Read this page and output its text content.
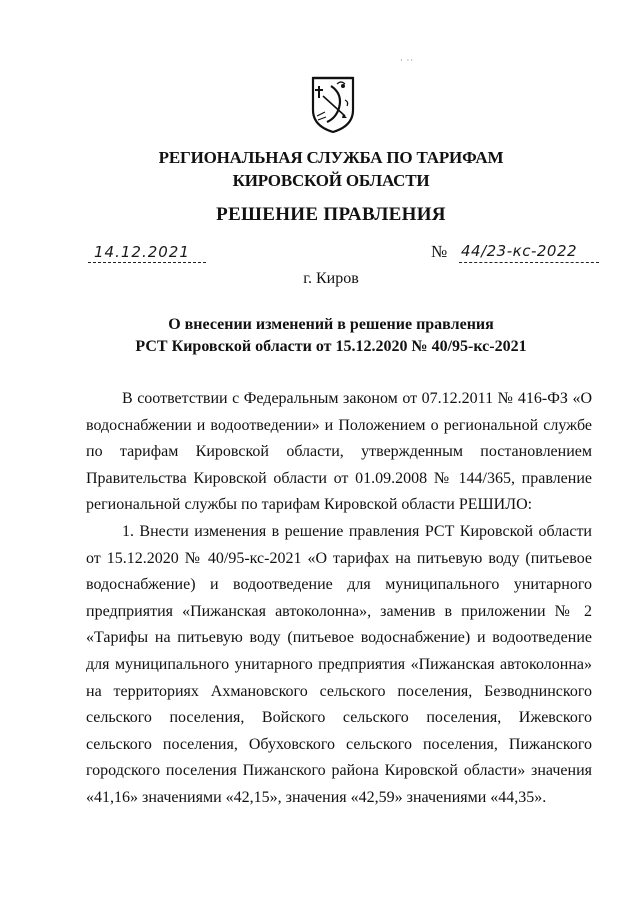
· ··
РЕГИОНАЛЬНАЯ СЛУЖБА ПО ТАРИФАМ
КИРОВСКОЙ ОБЛАСТИ
РЕШЕНИЕ ПРАВЛЕНИЯ
14.12.2021	№ 44/23-кс-2022
г. Киров
О внесении изменений в решение правления
РСТ Кировской области от 15.12.2020 № 40/95-кс-2021

В соответствии с Федеральным законом от 07.12.2011 № 416-ФЗ «О водоснабжении и водоотведении» и Положением о региональной службе по тарифам Кировской области, утвержденным постановлением Правительства Кировской области от 01.09.2008 № 144/365, правление региональной службы по тарифам Кировской области РЕШИЛО:

1. Внести изменения в решение правления РСТ Кировской области от 15.12.2020 № 40/95-кс-2021 «О тарифах на питьевую воду (питьевое водоснабжение) и водоотведение для муниципального унитарного предприятия «Пижанская автоколонна», заменив в приложении № 2 «Тарифы на питьевую воду (питьевое водоснабжение) и водоотведение для муниципального унитарного предприятия «Пижанская автоколонна» на территориях Ахмановского сельского поселения, Безводнинского сельского поселения, Войского сельского поселения, Ижевского сельского поселения, Обуховского сельского поселения, Пижанского городского поселения Пижанского района Кировской области» значения «41,16» значениями «42,15», значения «42,59» значениями «44,35».
